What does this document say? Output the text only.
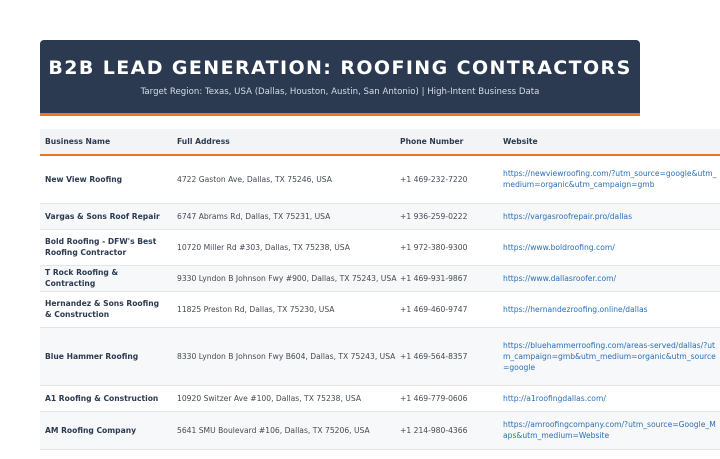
B2B LEAD GENERATION: ROOFING CONTRACTORS
Target Region: Texas, USA (Dallas, Houston, Austin, San Antonio) | High-Intent Business Data
Business Name	Full Address	Phone Number	Website
New View Roofing	4722 Gaston Ave, Dallas, TX 75246, USA	+1 469-232-7220	https://newviewroofing.com/?utm_source=google&utm_medium=organic&utm_campaign=gmb
Vargas & Sons Roof Repair	6747 Abrams Rd, Dallas, TX 75231, USA	+1 936-259-0222	https://vargasroofrepair.pro/dallas
Bold Roofing - DFW's Best Roofing Contractor	10720 Miller Rd #303, Dallas, TX 75238, USA	+1 972-380-9300	https://www.boldroofing.com/
T Rock Roofing & Contracting	9330 Lyndon B Johnson Fwy #900, Dallas, TX 75243, USA	+1 469-931-9867	https://www.dallasroofer.com/
Hernandez & Sons Roofing & Construction	11825 Preston Rd, Dallas, TX 75230, USA	+1 469-460-9747	https://hernandezroofing.online/dallas
Blue Hammer Roofing	8330 Lyndon B Johnson Fwy B604, Dallas, TX 75243, USA	+1 469-564-8357	https://bluehammerroofing.com/areas-served/dallas/?utm_campaign=gmb&utm_medium=organic&utm_source=google
A1 Roofing & Construction	10920 Switzer Ave #100, Dallas, TX 75238, USA	+1 469-779-0606	http://a1roofingdallas.com/
AM Roofing Company	5641 SMU Boulevard #106, Dallas, TX 75206, USA	+1 214-980-4366	https://amroofingcompany.com/?utm_source=Google_Maps&utm_medium=Website
